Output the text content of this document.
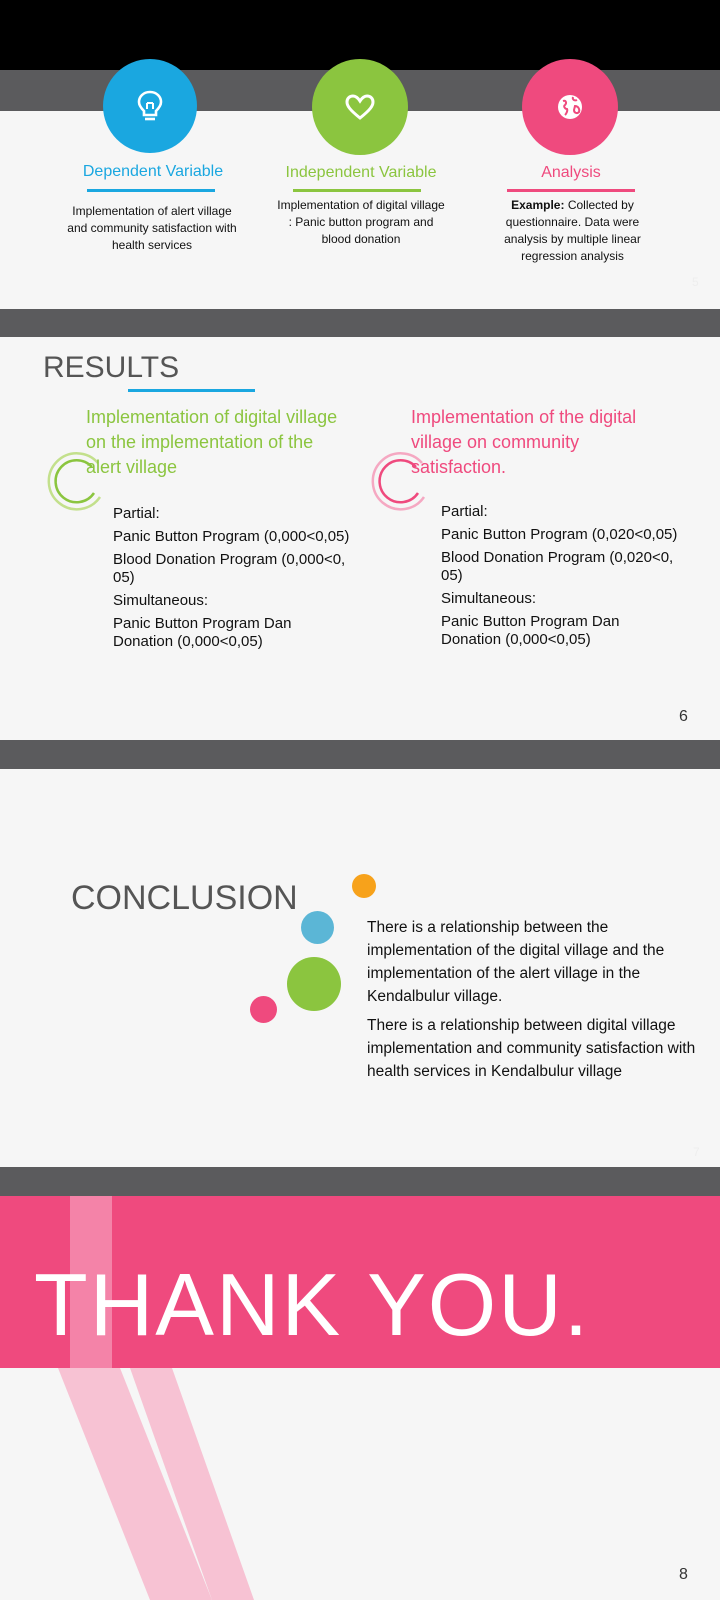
Dependent Variable
Implementation of alert village and community satisfaction with health services
Independent Variable
Implementation of digital village : Panic button program and blood donation
Analysis
Example: Collected by questionnaire. Data were analysis by multiple linear regression analysis
5
RESULTS
Implementation of digital village on the implementation of the alert village
Partial:
Panic Button Program (0,000<0,05)
Blood Donation Program (0,000<0, 05)
Simultaneous:
Panic Button Program Dan Donation (0,000<0,05)
Implementation of the digital village on community satisfaction.
Partial:
Panic Button Program (0,020<0,05)
Blood Donation Program (0,020<0, 05)
Simultaneous:
Panic Button Program Dan Donation (0,000<0,05)
6
CONCLUSION

There is a relationship between the implementation of the digital village and the implementation of the alert village in the Kendalbulur village.

There is a relationship between digital village implementation and community satisfaction with health services in Kendalbulur village

7
THANK YOU.
8
